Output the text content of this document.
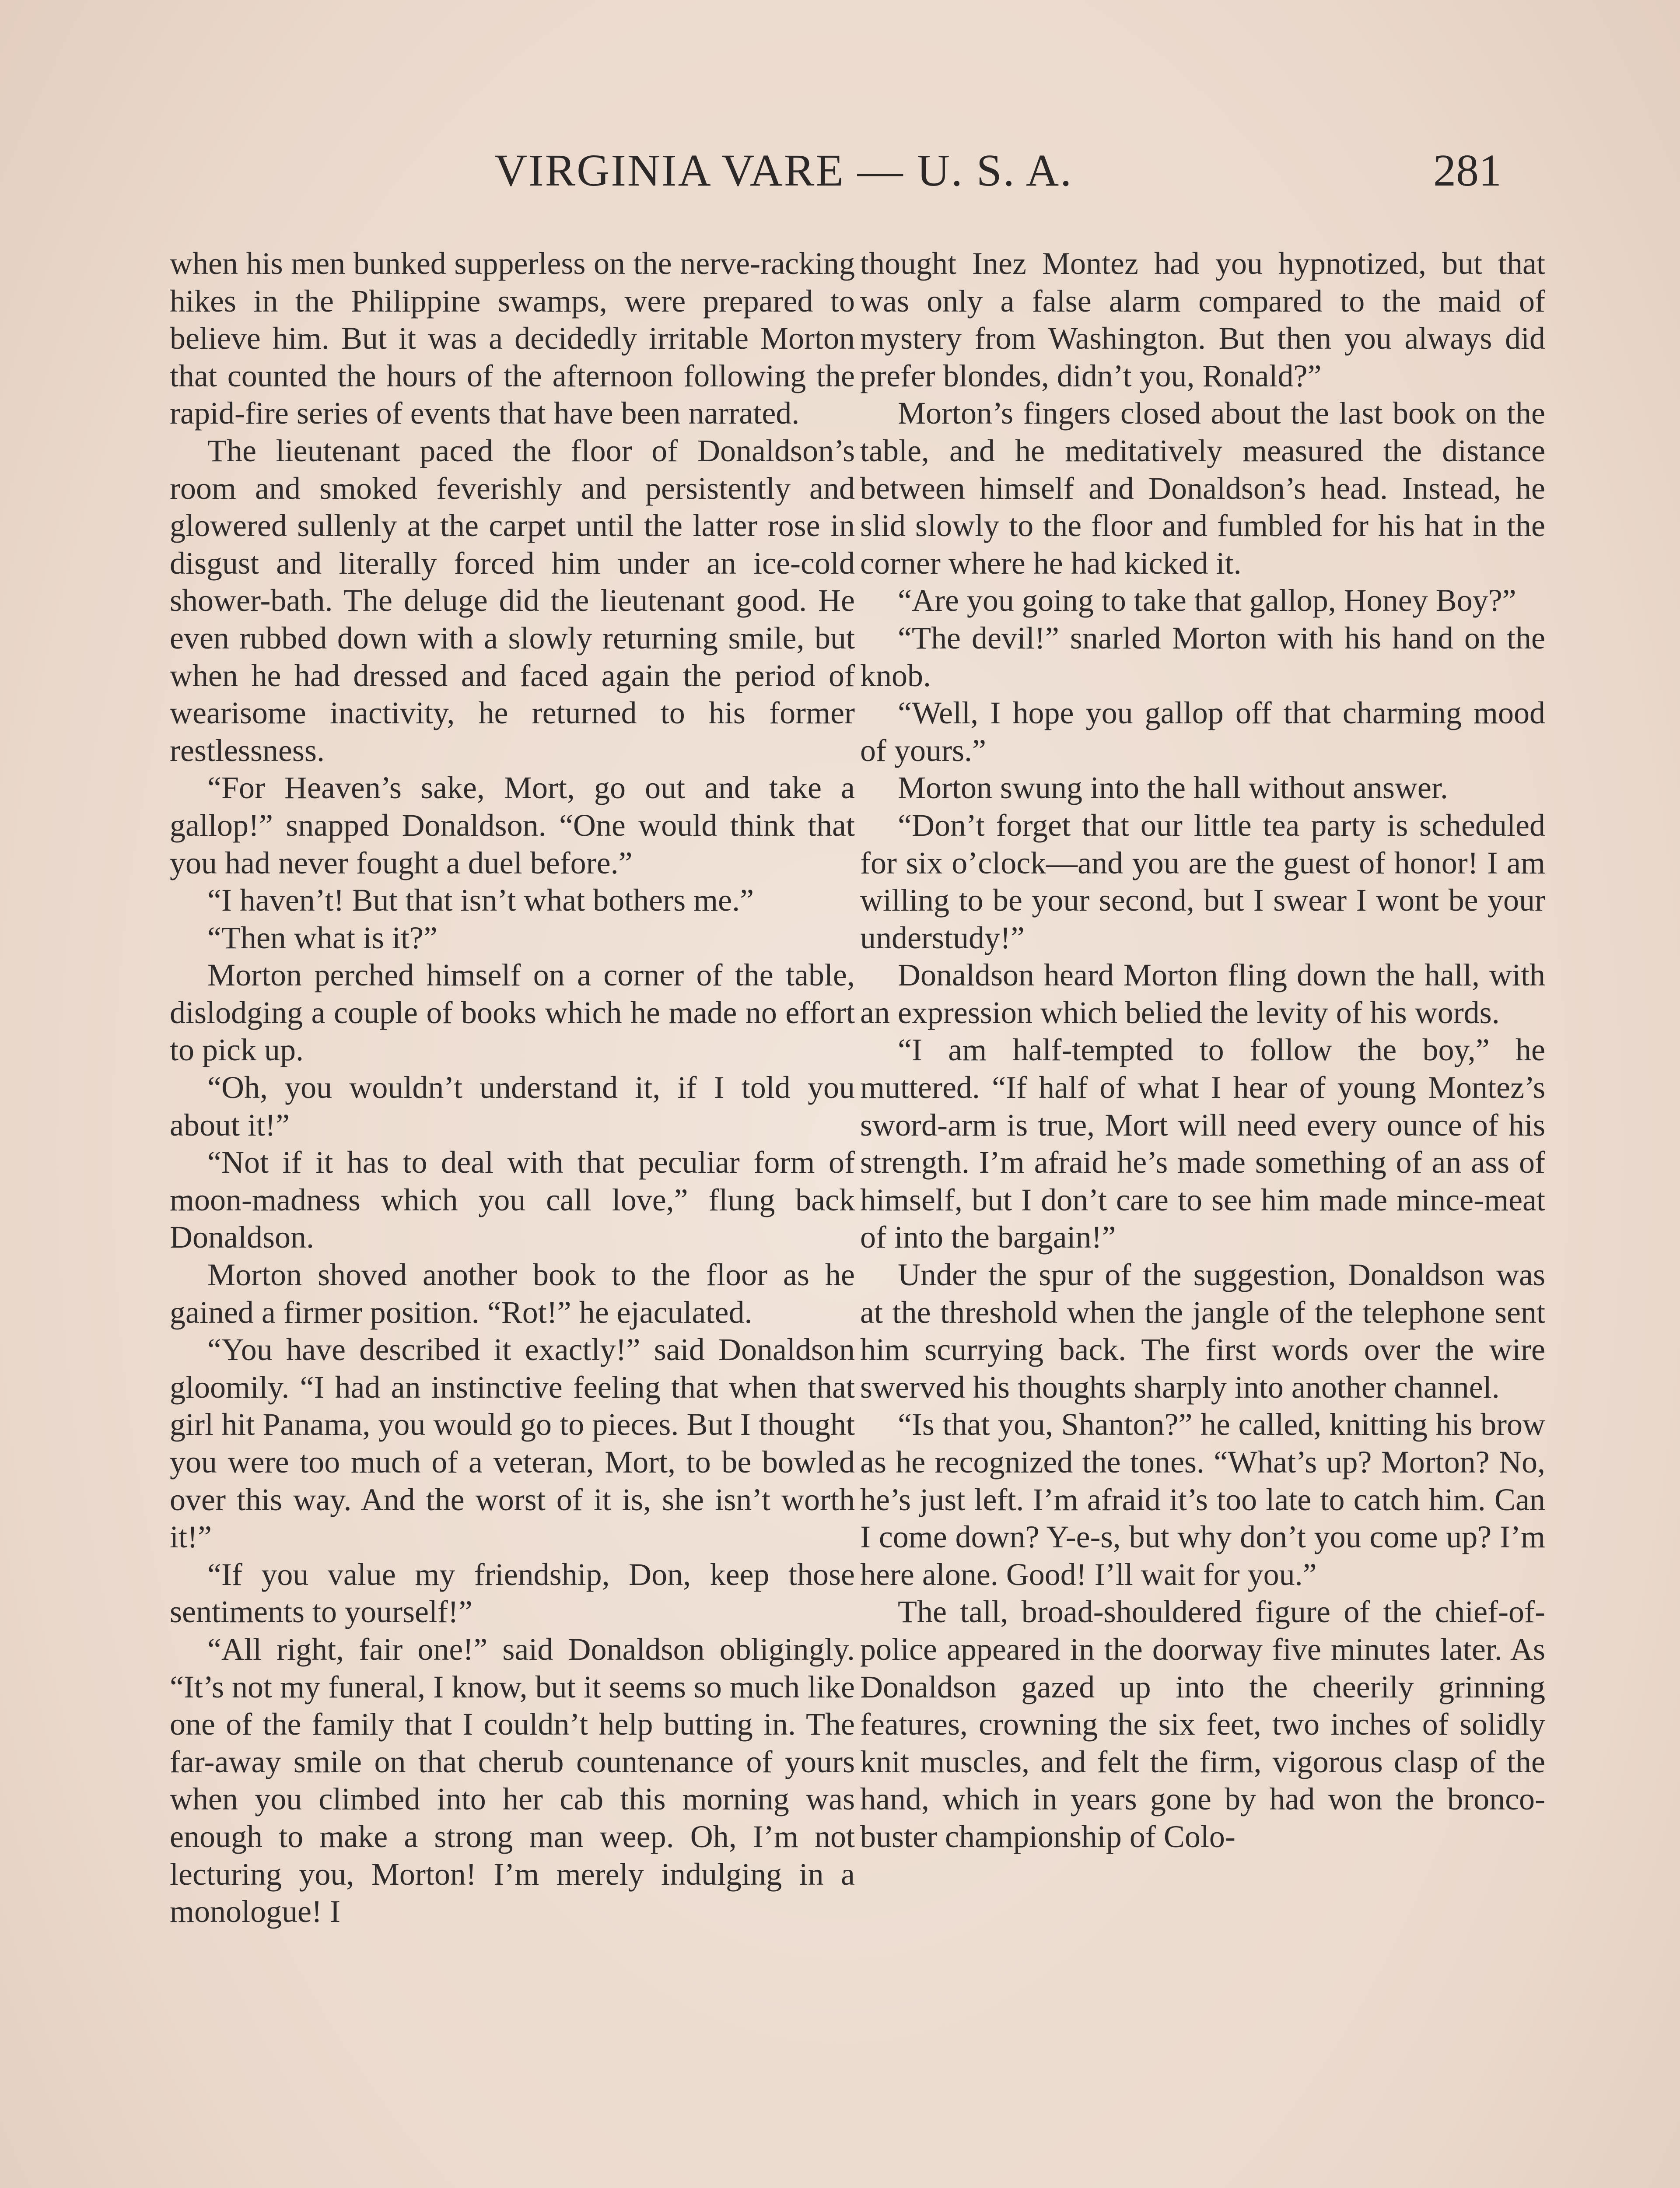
VIRGINIA VARE — U. S. A.	281

when his men bunked supperless on the nerve-racking hikes in the Philippine swamps, were prepared to believe him. But it was a decidedly irritable Morton that counted the hours of the afternoon following the rapid-fire series of events that have been narrated.

The lieutenant paced the floor of Donaldson’s room and smoked feverishly and persistently and glowered sullenly at the carpet until the latter rose in disgust and literally forced him under an ice-cold shower-bath. The deluge did the lieutenant good. He even rubbed down with a slowly returning smile, but when he had dressed and faced again the period of wearisome inactivity, he returned to his former restlessness.

“For Heaven’s sake, Mort, go out and take a gallop!” snapped Donaldson. “One would think that you had never fought a duel before.”

“I haven’t! But that isn’t what bothers me.”

“Then what is it?”

Morton perched himself on a corner of the table, dislodging a couple of books which he made no effort to pick up.

“Oh, you wouldn’t understand it, if I told you about it!”

“Not if it has to deal with that peculiar form of moon-madness which you call love,” flung back Donaldson.

Morton shoved another book to the floor as he gained a firmer position. “Rot!” he ejaculated.

“You have described it exactly!” said Donaldson gloomily. “I had an instinctive feeling that when that girl hit Panama, you would go to pieces. But I thought you were too much of a veteran, Mort, to be bowled over this way. And the worst of it is, she isn’t worth it!”

“If you value my friendship, Don, keep those sentiments to yourself!”

“All right, fair one!” said Donaldson obligingly. “It’s not my funeral, I know, but it seems so much like one of the family that I couldn’t help butting in. The far-away smile on that cherub countenance of yours when you climbed into her cab this morning was enough to make a strong man weep. Oh, I’m not lecturing you, Morton! I’m merely indulging in a monologue! I

thought Inez Montez had you hypnotized, but that was only a false alarm compared to the maid of mystery from Washington. But then you always did prefer blondes, didn’t you, Ronald?”

Morton’s fingers closed about the last book on the table, and he meditatively measured the distance between himself and Donaldson’s head. Instead, he slid slowly to the floor and fumbled for his hat in the corner where he had kicked it.

“Are you going to take that gallop, Honey Boy?”

“The devil!” snarled Morton with his hand on the knob.

“Well, I hope you gallop off that charming mood of yours.”

Morton swung into the hall without answer.

“Don’t forget that our little tea party is scheduled for six o’clock—and you are the guest of honor! I am willing to be your second, but I swear I wont be your understudy!”

Donaldson heard Morton fling down the hall, with an expression which belied the levity of his words.

“I am half-tempted to follow the boy,” he muttered. “If half of what I hear of young Montez’s sword-arm is true, Mort will need every ounce of his strength. I’m afraid he’s made something of an ass of himself, but I don’t care to see him made mince-meat of into the bargain!”

Under the spur of the suggestion, Donaldson was at the threshold when the jangle of the telephone sent him scurrying back. The first words over the wire swerved his thoughts sharply into another channel.

“Is that you, Shanton?” he called, knitting his brow as he recognized the tones. “What’s up? Morton? No, he’s just left. I’m afraid it’s too late to catch him. Can I come down? Y-e-s, but why don’t you come up? I’m here alone. Good! I’ll wait for you.”

The tall, broad-shouldered figure of the chief-of-police appeared in the doorway five minutes later. As Donaldson gazed up into the cheerily grinning features, crowning the six feet, two inches of solidly knit muscles, and felt the firm, vigorous clasp of the hand, which in years gone by had won the bronco-buster championship of Colo-
